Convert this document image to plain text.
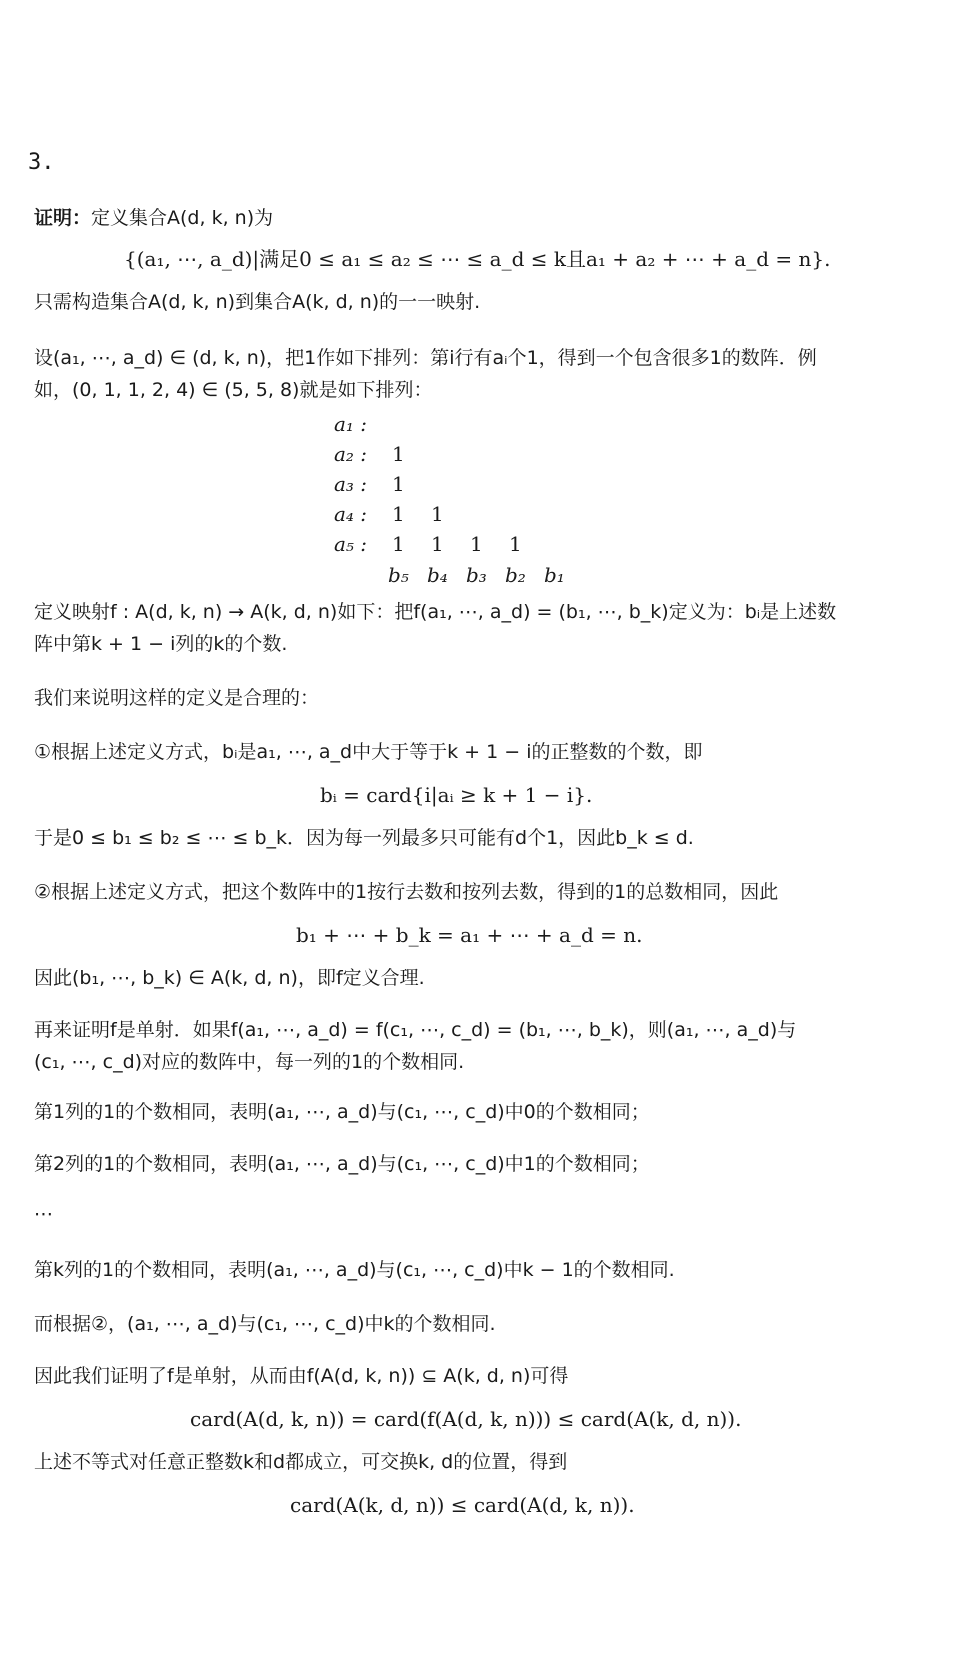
3.
证明：定义集合A(d, k, n)为
{(a₁, ⋯, a_d)|满足0 ≤ a₁ ≤ a₂ ≤ ⋯ ≤ a_d ≤ k且a₁ + a₂ + ⋯ + a_d = n}.
只需构造集合A(d, k, n)到集合A(k, d, n)的一一映射.
设(a₁, ⋯, a_d) ∈ (d, k, n)，把1作如下排列：第i行有aᵢ个1，得到一个包含很多1的数阵．例
如，(0, 1, 1, 2, 4) ∈ (5, 5, 8)就是如下排列：
a₁ :
a₂ : 1
a₃ : 1
a₄ : 1 1
a₅ : 1 1 1 1
b₅ b₄ b₃ b₂ b₁
定义映射f : A(d, k, n) → A(k, d, n)如下：把f(a₁, ⋯, a_d) = (b₁, ⋯, b_k)定义为：bᵢ是上述数
阵中第k + 1 − i列的k的个数.
我们来说明这样的定义是合理的：
①根据上述定义方式，bᵢ是a₁, ⋯, a_d中大于等于k + 1 − i的正整数的个数，即
bᵢ = card{i|aᵢ ≥ k + 1 − i}.
于是0 ≤ b₁ ≤ b₂ ≤ ⋯ ≤ b_k．因为每一列最多只可能有d个1，因此b_k ≤ d.
②根据上述定义方式，把这个数阵中的1按行去数和按列去数，得到的1的总数相同，因此
b₁ + ⋯ + b_k = a₁ + ⋯ + a_d = n.
因此(b₁, ⋯, b_k) ∈ A(k, d, n)，即f定义合理.
再来证明f是单射．如果f(a₁, ⋯, a_d) = f(c₁, ⋯, c_d) = (b₁, ⋯, b_k)，则(a₁, ⋯, a_d)与
(c₁, ⋯, c_d)对应的数阵中，每一列的1的个数相同.
第1列的1的个数相同，表明(a₁, ⋯, a_d)与(c₁, ⋯, c_d)中0的个数相同；
第2列的1的个数相同，表明(a₁, ⋯, a_d)与(c₁, ⋯, c_d)中1的个数相同；
⋯
第k列的1的个数相同，表明(a₁, ⋯, a_d)与(c₁, ⋯, c_d)中k − 1的个数相同.
而根据②，(a₁, ⋯, a_d)与(c₁, ⋯, c_d)中k的个数相同.
因此我们证明了f是单射，从而由f(A(d, k, n)) ⊆ A(k, d, n)可得
card(A(d, k, n)) = card(f(A(d, k, n))) ≤ card(A(k, d, n)).
上述不等式对任意正整数k和d都成立，可交换k, d的位置，得到
card(A(k, d, n)) ≤ card(A(d, k, n)).
